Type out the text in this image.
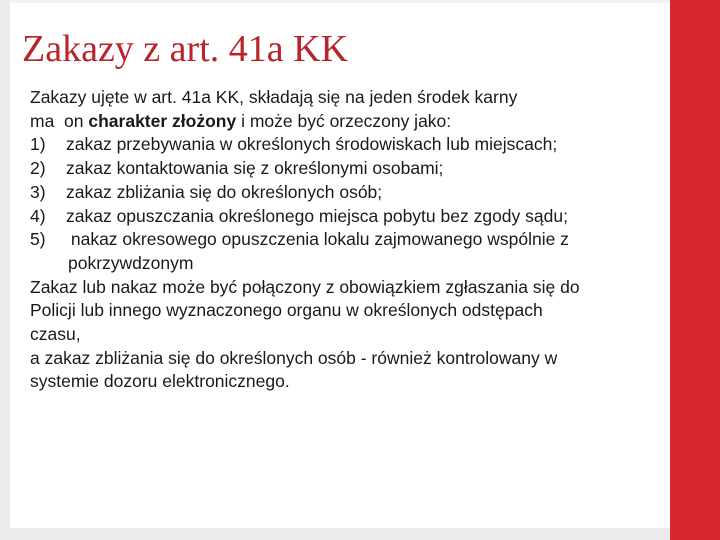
Zakazy z art. 41a KK

Zakazy ujęte w art. 41a KK, składają się na jeden środek karny

ma  on charakter złożony i może być orzeczony jako:

1)	zakaz przebywania w określonych środowiskach lub miejscach;
2)	zakaz kontaktowania się z określonymi osobami;
3)	zakaz zbliżania się do określonych osób;
4)	zakaz opuszczania określonego miejsca pobytu bez zgody sądu;
5)	nakaz okresowego opuszczenia lokalu zajmowanego wspólnie z

pokrzywdzonym

Zakaz lub nakaz może być połączony z obowiązkiem zgłaszania się do

Policji lub innego wyznaczonego organu w określonych odstępach

czasu,

a zakaz zbliżania się do określonych osób - również kontrolowany w

systemie dozoru elektronicznego.
